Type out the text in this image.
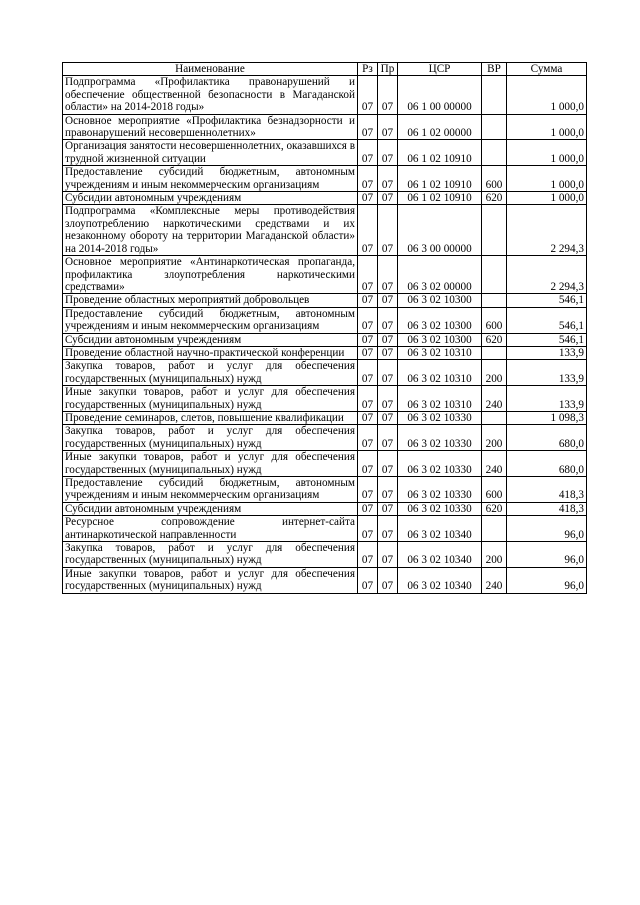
Наименование	Рз	Пр	ЦСР	ВР	Сумма
Подпрограмма «Профилактика правонарушений и обеспечение общественной безопасности в Магаданской области» на 2014-2018 годы»	07	07	06 1 00 00000		1 000,0
Основное мероприятие «Профилактика безнадзорности и правонарушений несовершеннолетних»	07	07	06 1 02 00000		1 000,0
Организация занятости несовершеннолетних, оказавшихся в трудной жизненной ситуации	07	07	06 1 02 10910		1 000,0
Предоставление субсидий бюджетным, автономным учреждениям и иным некоммерческим организациям	07	07	06 1 02 10910	600	1 000,0
Субсидии автономным учреждениям	07	07	06 1 02 10910	620	1 000,0
Подпрограмма «Комплексные меры противодействия злоупотреблению наркотическими средствами и их незаконному обороту на территории Магаданской области» на 2014-2018 годы»	07	07	06 3 00 00000		2 294,3
Основное мероприятие «Антинаркотическая пропаганда, профилактика злоупотребления наркотическими средствами»	07	07	06 3 02 00000		2 294,3
Проведение областных мероприятий добровольцев	07	07	06 3 02 10300		546,1
Предоставление субсидий бюджетным, автономным учреждениям и иным некоммерческим организациям	07	07	06 3 02 10300	600	546,1
Субсидии автономным учреждениям	07	07	06 3 02 10300	620	546,1
Проведение областной научно-практической конференции	07	07	06 3 02 10310		133,9
Закупка товаров, работ и услуг для обеспечения государственных (муниципальных) нужд	07	07	06 3 02 10310	200	133,9
Иные закупки товаров, работ и услуг для обеспечения государственных (муниципальных) нужд	07	07	06 3 02 10310	240	133,9
Проведение семинаров, слетов, повышение квалификации	07	07	06 3 02 10330		1 098,3
Закупка товаров, работ и услуг для обеспечения государственных (муниципальных) нужд	07	07	06 3 02 10330	200	680,0
Иные закупки товаров, работ и услуг для обеспечения государственных (муниципальных) нужд	07	07	06 3 02 10330	240	680,0
Предоставление субсидий бюджетным, автономным учреждениям и иным некоммерческим организациям	07	07	06 3 02 10330	600	418,3
Субсидии автономным учреждениям	07	07	06 3 02 10330	620	418,3
Ресурсное сопровождение интернет-сайта антинаркотической направленности	07	07	06 3 02 10340		96,0
Закупка товаров, работ и услуг для обеспечения государственных (муниципальных) нужд	07	07	06 3 02 10340	200	96,0
Иные закупки товаров, работ и услуг для обеспечения государственных (муниципальных) нужд	07	07	06 3 02 10340	240	96,0
